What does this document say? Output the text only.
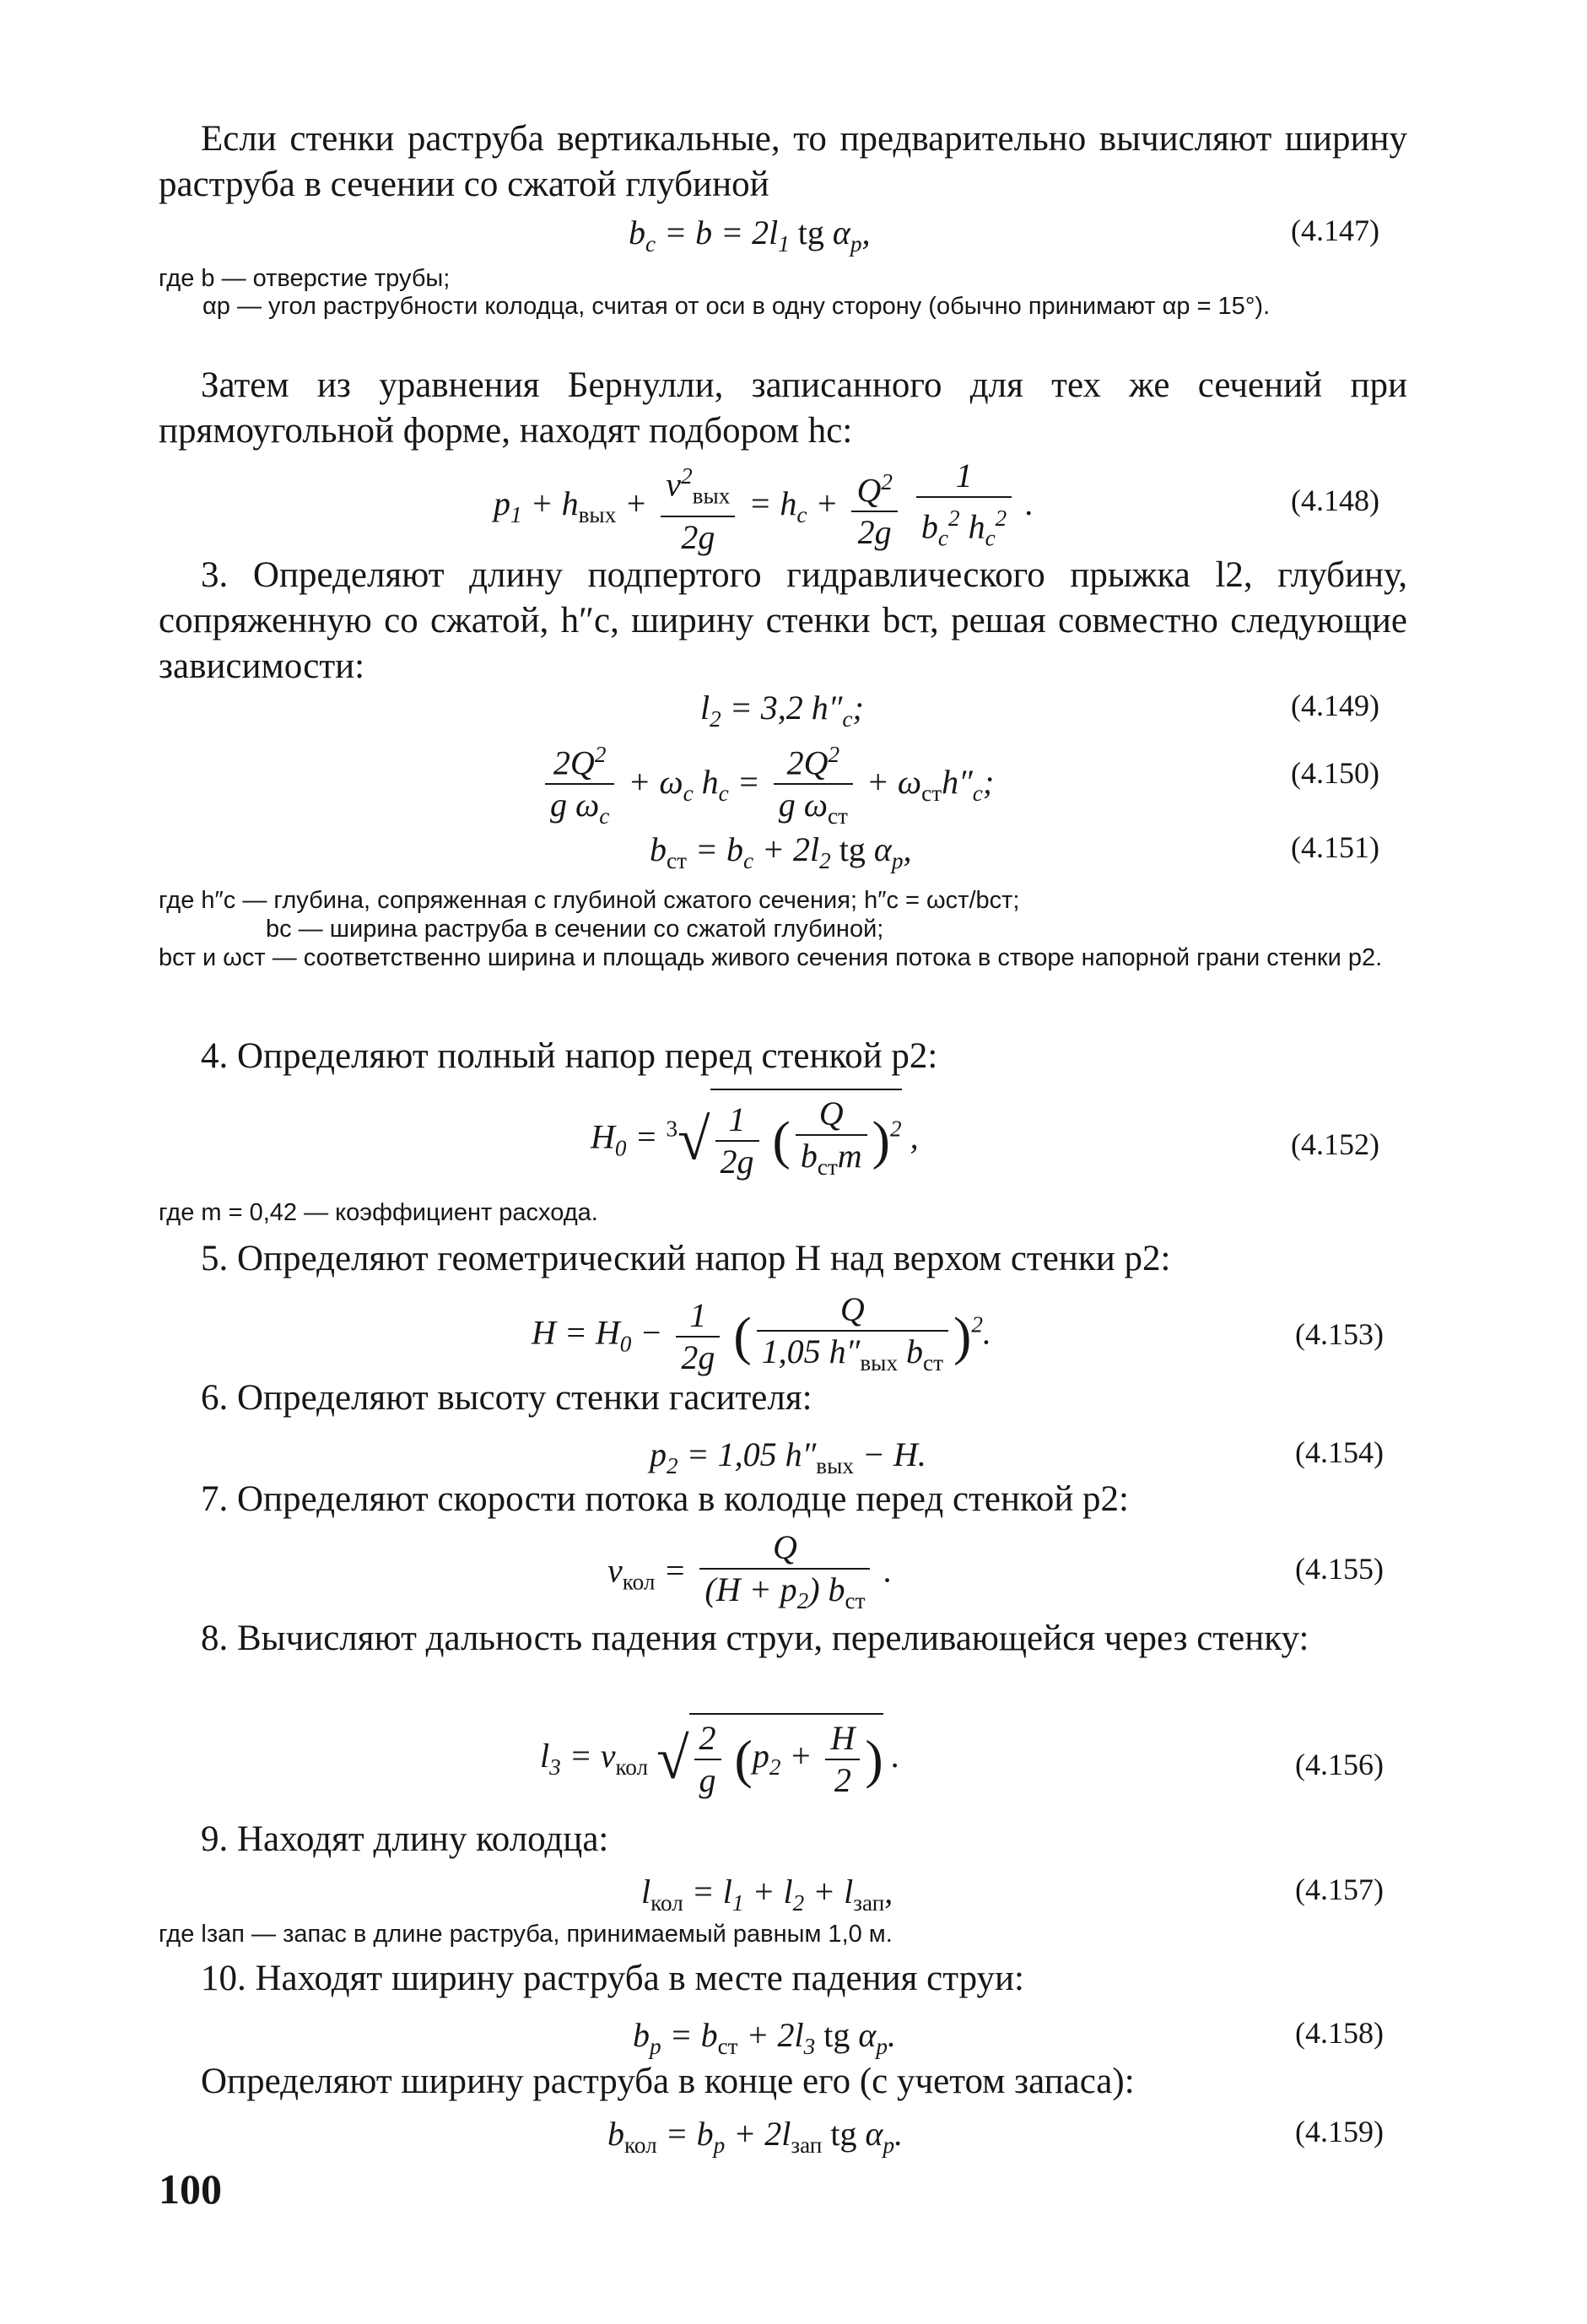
Если стенки раструба вертикальные, то предварительно вычисляют ширину раструба в сечении со сжатой глубиной
$b_c = b = 2l_1$ tg $\alpha_p$,	(4.147)
где b — отверстие трубы;
αp — угол раструбности колодца, считая от оси в одну сторону (обычно принимают αp = 15°).
Затем из уравнения Бернулли, записанного для тех же сечений при прямоугольной форме, находят подбором hc:
$p_1 + h_{вых} + \frac{v^2_{вых}}{2g} = h_c + \frac{Q^2}{2g}$
$\frac{1}{b_c^2 h_c^2}$ .	(4.148)
3. Определяют длину подпертого гидравлического прыжка l2, глубину, сопряженную со сжатой, h″c, ширину стенки bст, решая совместно следующие зависимости:
$l_2 = 3,2$ $h''_c$;	(4.149)
$\frac{2Q^2}{g \omega_c} + \omega_c$ $h_c = \frac{2Q^2}{g \omega_{ст}} + \omega_{ст}h''_c$;	(4.150)
$b_{ст} = b_c + 2l_2$ tg $\alpha_p$,	(4.151)
где h″c — глубина, сопряженная с глубиной сжатого сечения; h″c = ωст/bст;
bc — ширина раструба в сечении со сжатой глубиной;
bст и ωст — соответственно ширина и площадь живого сечения потока в створе напорной грани стенки p2.
4. Определяют полный напор перед стенкой p2:
$H_0 = ^3√ \frac{1}{2g}$ ( $\frac{Q}{b_{ст}m} )^2$ ,	(4.152)
где m = 0,42 — коэффициент расхода.
5. Определяют геометрический напор H над верхом стенки p2:
$H = H_0 - \frac{1}{2g}$ ( $\frac{Q}{1,05 h''_{вых} b_{ст}} )^2$.	(4.153)
6. Определяют высоту стенки гасителя:
$p_2 = 1,05$ $h''_{вых} - H$.	(4.154)
7. Определяют скорости потока в колодце перед стенкой p2:
$v_{кол} = \frac{Q}{(H + p_2) b_{ст}}$ .	(4.155)
8. Вычисляют дальность падения струи, переливающейся через стенку:
$l_3 = v_{кол}$ √ $\frac{2}{g} (p_2 + \frac{H}{2}$ ) .	(4.156)
9. Находят длину колодца:
$l_{кол} = l_1 + l_2 + l_{зап}$,	(4.157)
где lзап — запас в длине раструба, принимаемый равным 1,0 м.
10. Находят ширину раструба в месте падения струи:
$b_p = b_{ст} + 2l_3$ tg $\alpha_p$.	(4.158)
Определяют ширину раструба в конце его (с учетом запаса):
$b_{кол} = b_p + 2l_{зап}$ tg $\alpha_p$.	(4.159)
100
